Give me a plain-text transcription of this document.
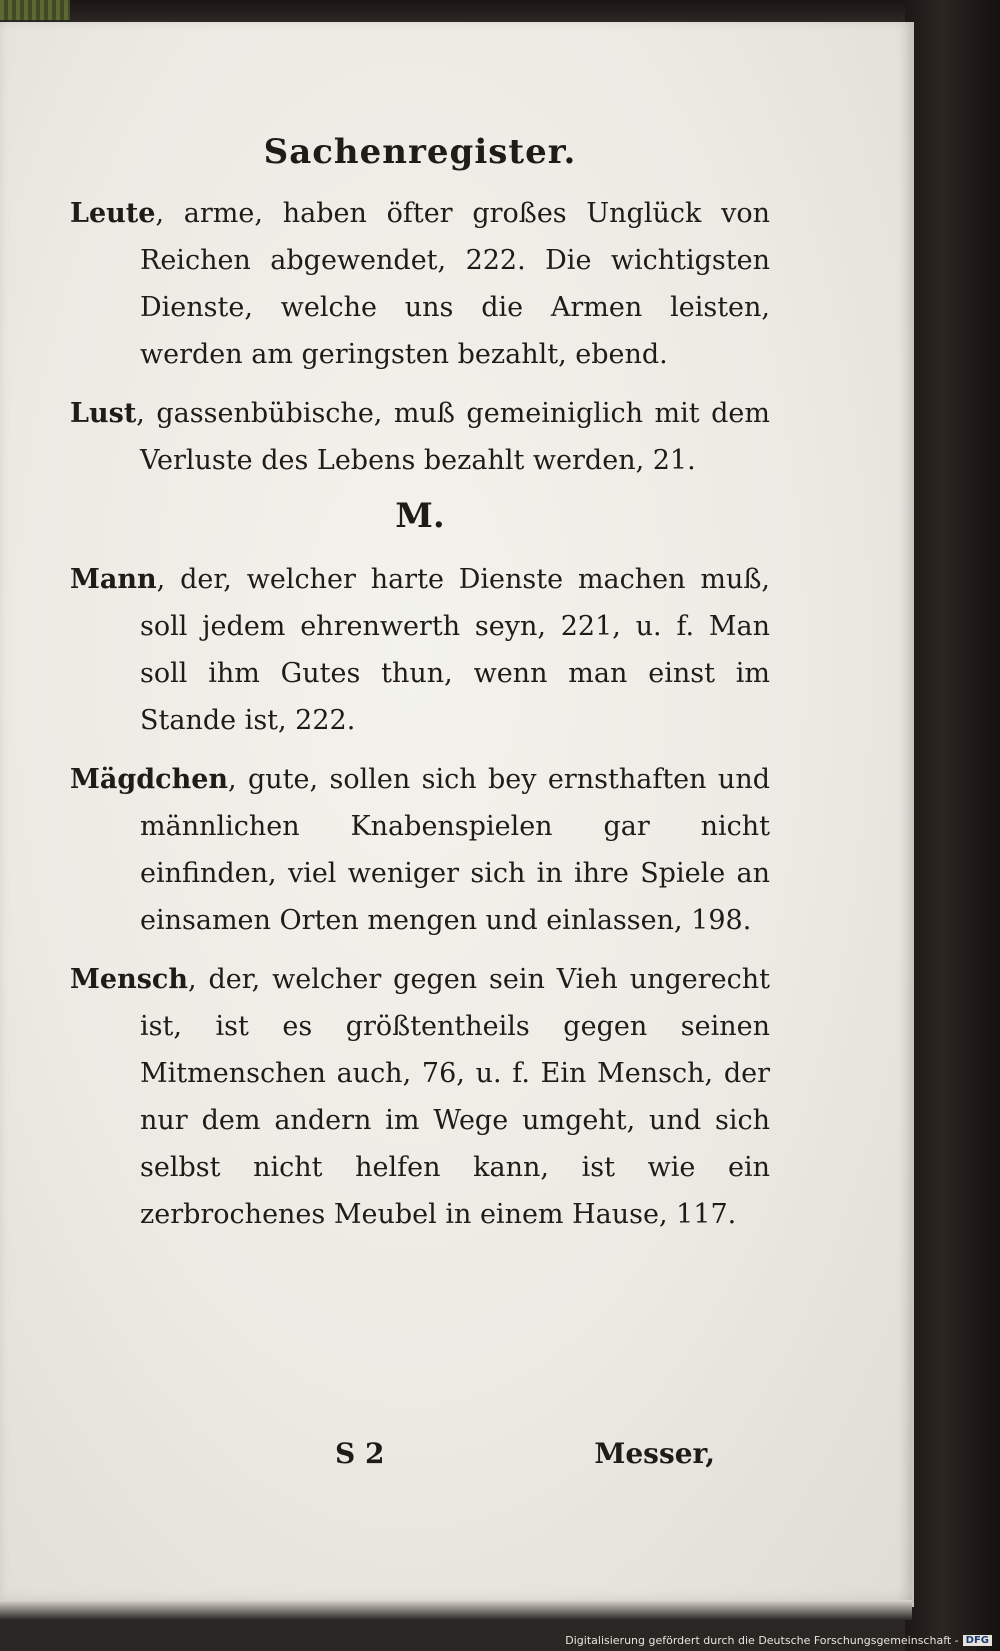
Sachenregister.

Leute, arme, haben öfter großes Unglück von Reichen abgewendet, 222. Die wichtigsten Dienste, welche uns die Armen leisten, werden am geringsten bezahlt, ebend.

Lust, gassenbübische, muß gemeiniglich mit dem Verluste des Lebens bezahlt werden, 21.

M.

Mann, der, welcher harte Dienste machen muß, soll jedem ehrenwerth seyn, 221, u. f. Man soll ihm Gutes thun, wenn man einst im Stande ist, 222.

Mägdchen, gute, sollen sich bey ernsthaften und männlichen Knabenspielen gar nicht einfinden, viel weniger sich in ihre Spiele an einsamen Orten mengen und einlassen, 198.

Mensch, der, welcher gegen sein Vieh ungerecht ist, ist es größtentheils gegen seinen Mitmenschen auch, 76, u. f. Ein Mensch, der nur dem andern im Wege umgeht, und sich selbst nicht helfen kann, ist wie ein zerbrochenes Meubel in einem Hause, 117.

S 2	Messer,
Digitalisierung gefördert durch die Deutsche Forschungsgemeinschaft - DFG
